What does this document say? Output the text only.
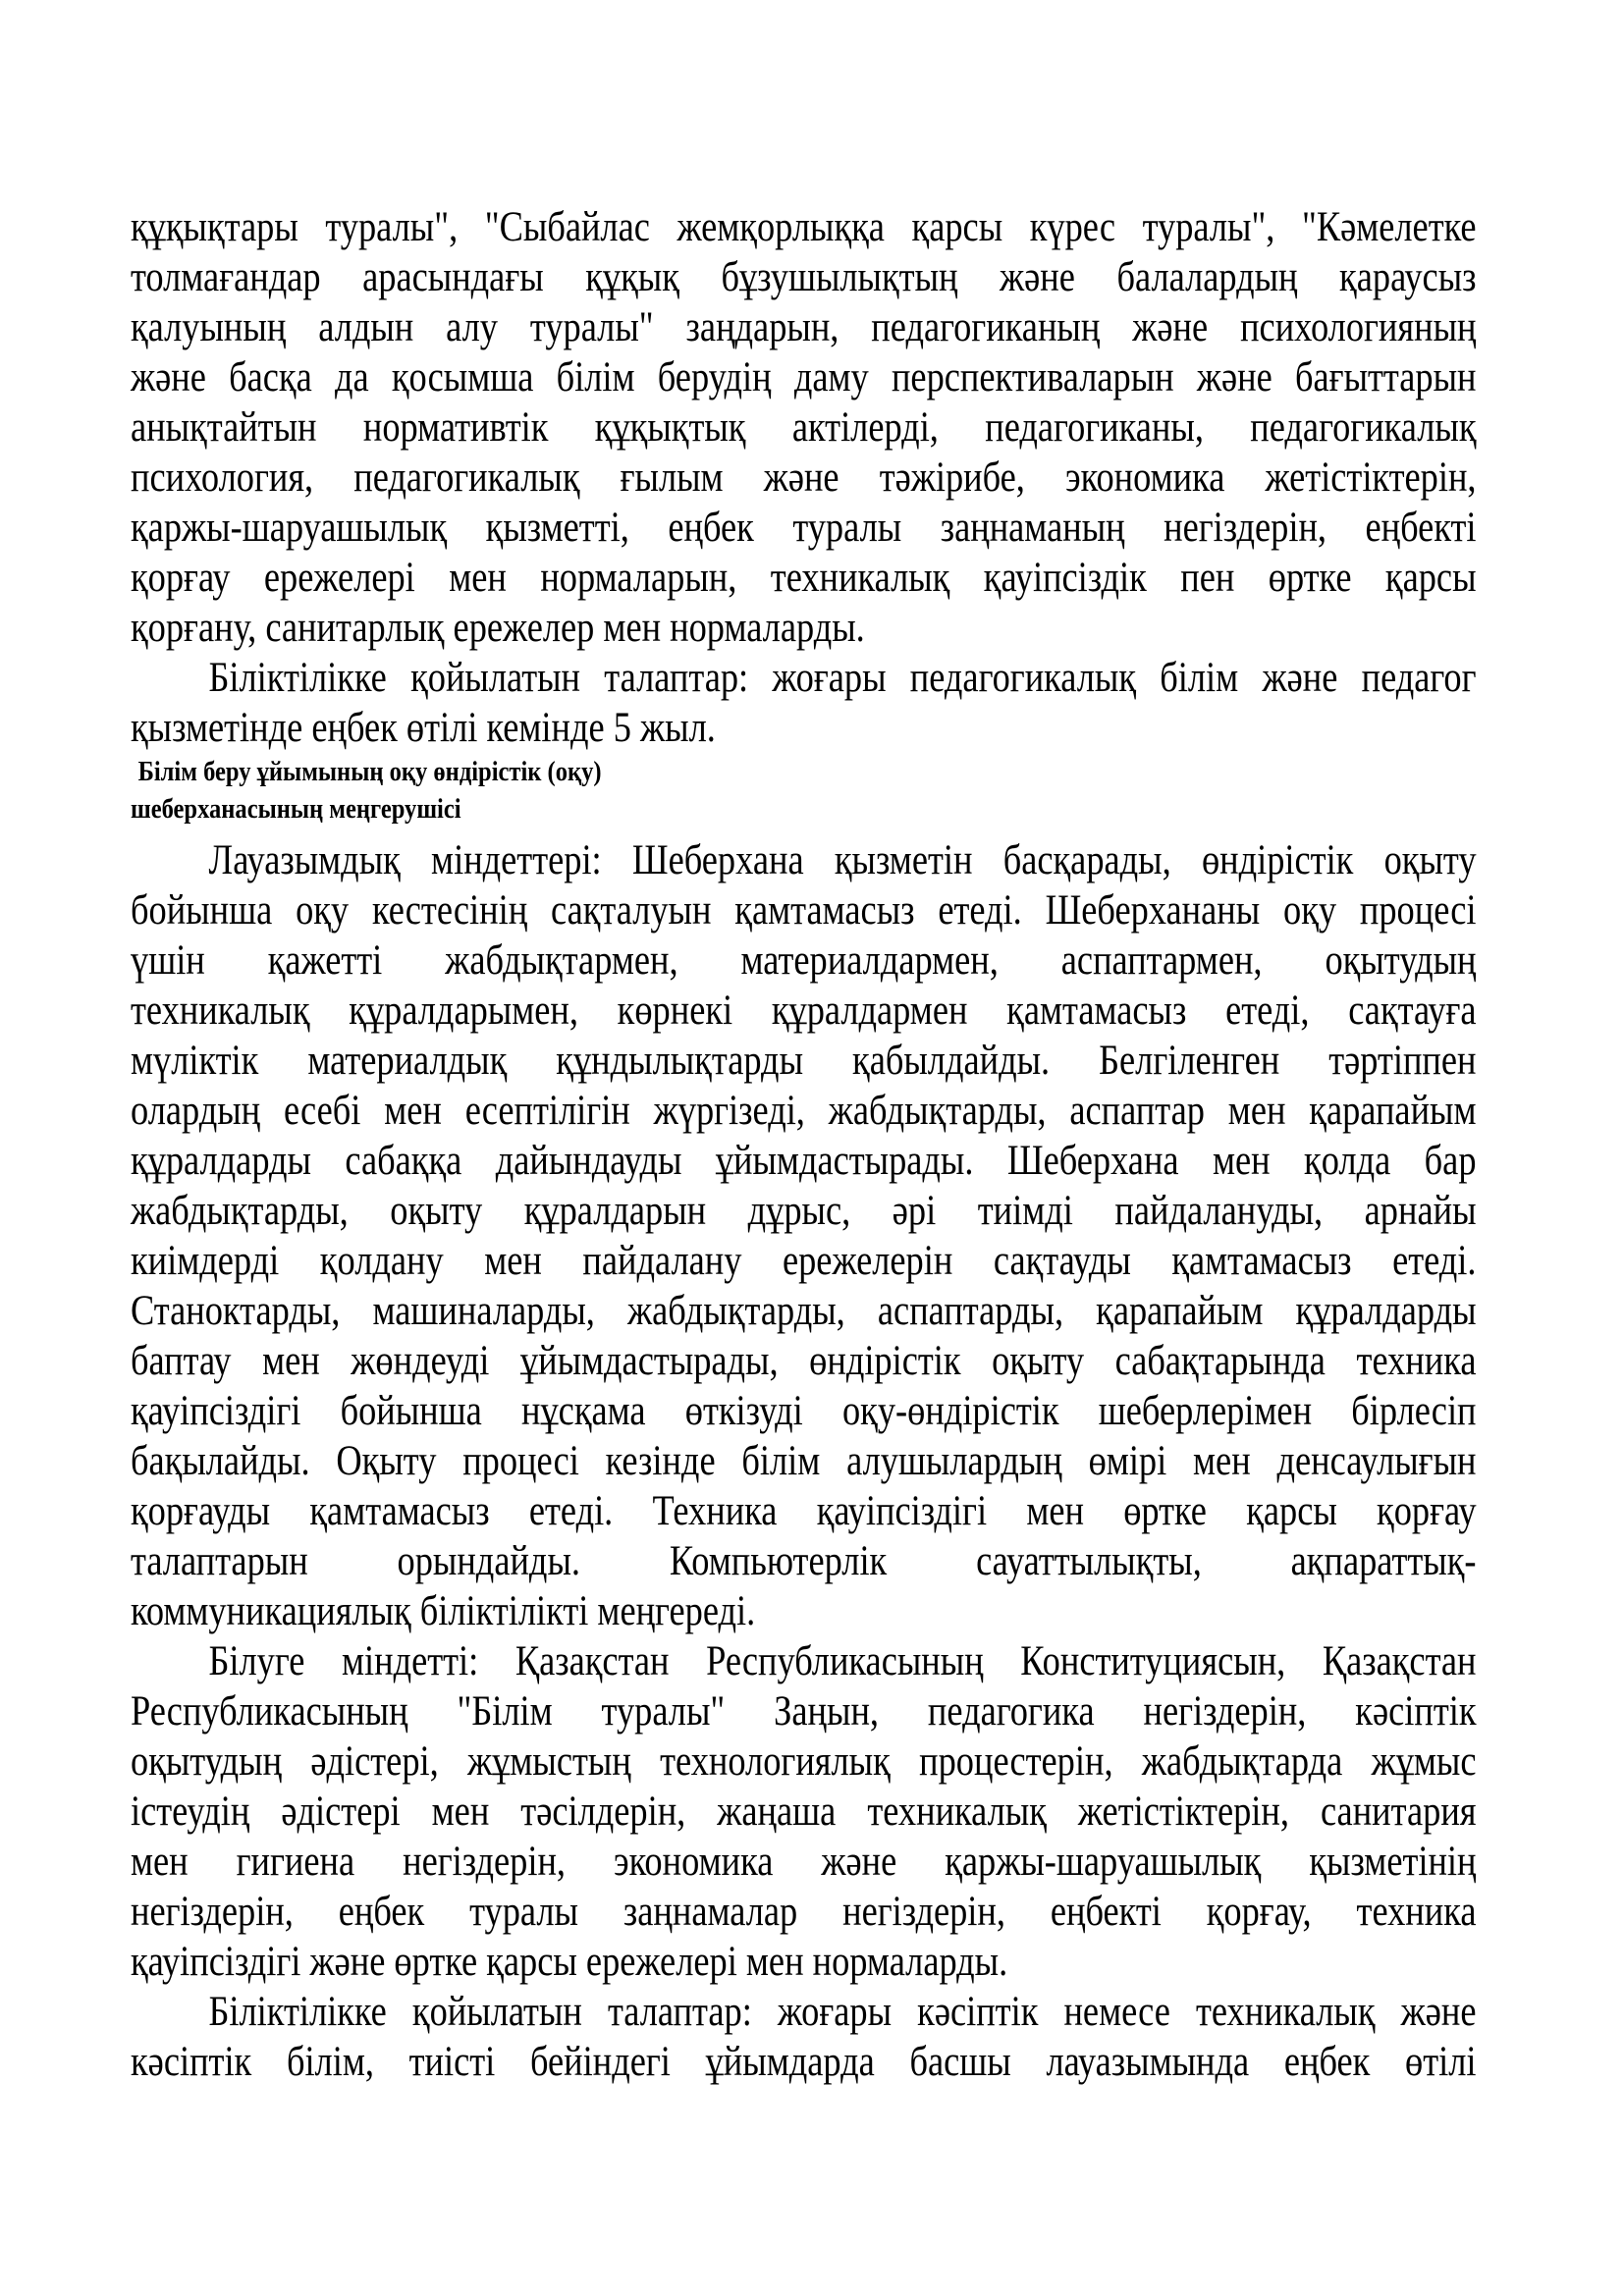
құқықтары туралы", "Сыбайлас жемқорлыққа қарсы күрес туралы", "Кәмелетке
толмағандар арасындағы құқық бұзушылықтың және балалардың қараусыз
қалуының алдын алу туралы" заңдарын, педагогиканың және психологияның
және басқа да қосымша білім берудің даму перспективаларын және бағыттарын
анықтайтын нормативтік құқықтық актілерді, педагогиканы, педагогикалық
психология, педагогикалық ғылым және тәжірибе, экономика жетістіктерін,
қаржы-шаруашылық қызметті, еңбек туралы заңнаманың негіздерін, еңбекті
қорғау ережелері мен нормаларын, техникалық қауіпсіздік пен өртке қарсы
қорғану, санитарлық ережелер мен нормаларды.
Біліктілікке қойылатын талаптар: жоғары педагогикалық білім және педагог
қызметінде еңбек өтілі кемінде 5 жыл.
Білім беру ұйымының оқу өндірістік (оқу)
шеберханасының меңгерушісі
Лауазымдық міндеттері: Шеберхана қызметін басқарады, өндірістік оқыту
бойынша оқу кестесінің сақталуын қамтамасыз етеді. Шеберхананы оқу процесі
үшін қажетті жабдықтармен, материалдармен, аспаптармен, оқытудың
техникалық құралдарымен, көрнекі құралдармен қамтамасыз етеді, сақтауға
мүліктік материалдық құндылықтарды қабылдайды. Белгіленген тәртіппен
олардың есебі мен есептілігін жүргізеді, жабдықтарды, аспаптар мен қарапайым
құралдарды сабаққа дайындауды ұйымдастырады. Шеберхана мен қолда бар
жабдықтарды, оқыту құралдарын дұрыс, әрі тиімді пайдалануды, арнайы
киімдерді қолдану мен пайдалану ережелерін сақтауды қамтамасыз етеді.
Станоктарды, машиналарды, жабдықтарды, аспаптарды, қарапайым құралдарды
баптау мен жөндеуді ұйымдастырады, өндірістік оқыту сабақтарында техника
қауіпсіздігі бойынша нұсқама өткізуді оқу-өндірістік шеберлерімен бірлесіп
бақылайды. Оқыту процесі кезінде білім алушылардың өмірі мен денсаулығын
қорғауды қамтамасыз етеді. Техника қауіпсіздігі мен өртке қарсы қорғау
талаптарын орындайды. Компьютерлік сауаттылықты, ақпараттық-
коммуникациялық біліктілікті меңгереді.
Білуге міндетті: Қазақстан Республикасының Конституциясын, Қазақстан
Республикасының "Білім туралы" Заңын, педагогика негіздерін, кәсіптік
оқытудың әдістері, жұмыстың технологиялық процестерін, жабдықтарда жұмыс
істеудің әдістері мен тәсілдерін, жаңаша техникалық жетістіктерін, санитария
мен гигиена негіздерін, экономика және қаржы-шаруашылық қызметінің
негіздерін, еңбек туралы заңнамалар негіздерін, еңбекті қорғау, техника
қауіпсіздігі және өртке қарсы ережелері мен нормаларды.
Біліктілікке қойылатын талаптар: жоғары кәсіптік немесе техникалық және
кәсіптік білім, тиісті бейіндегі ұйымдарда басшы лауазымында еңбек өтілі
